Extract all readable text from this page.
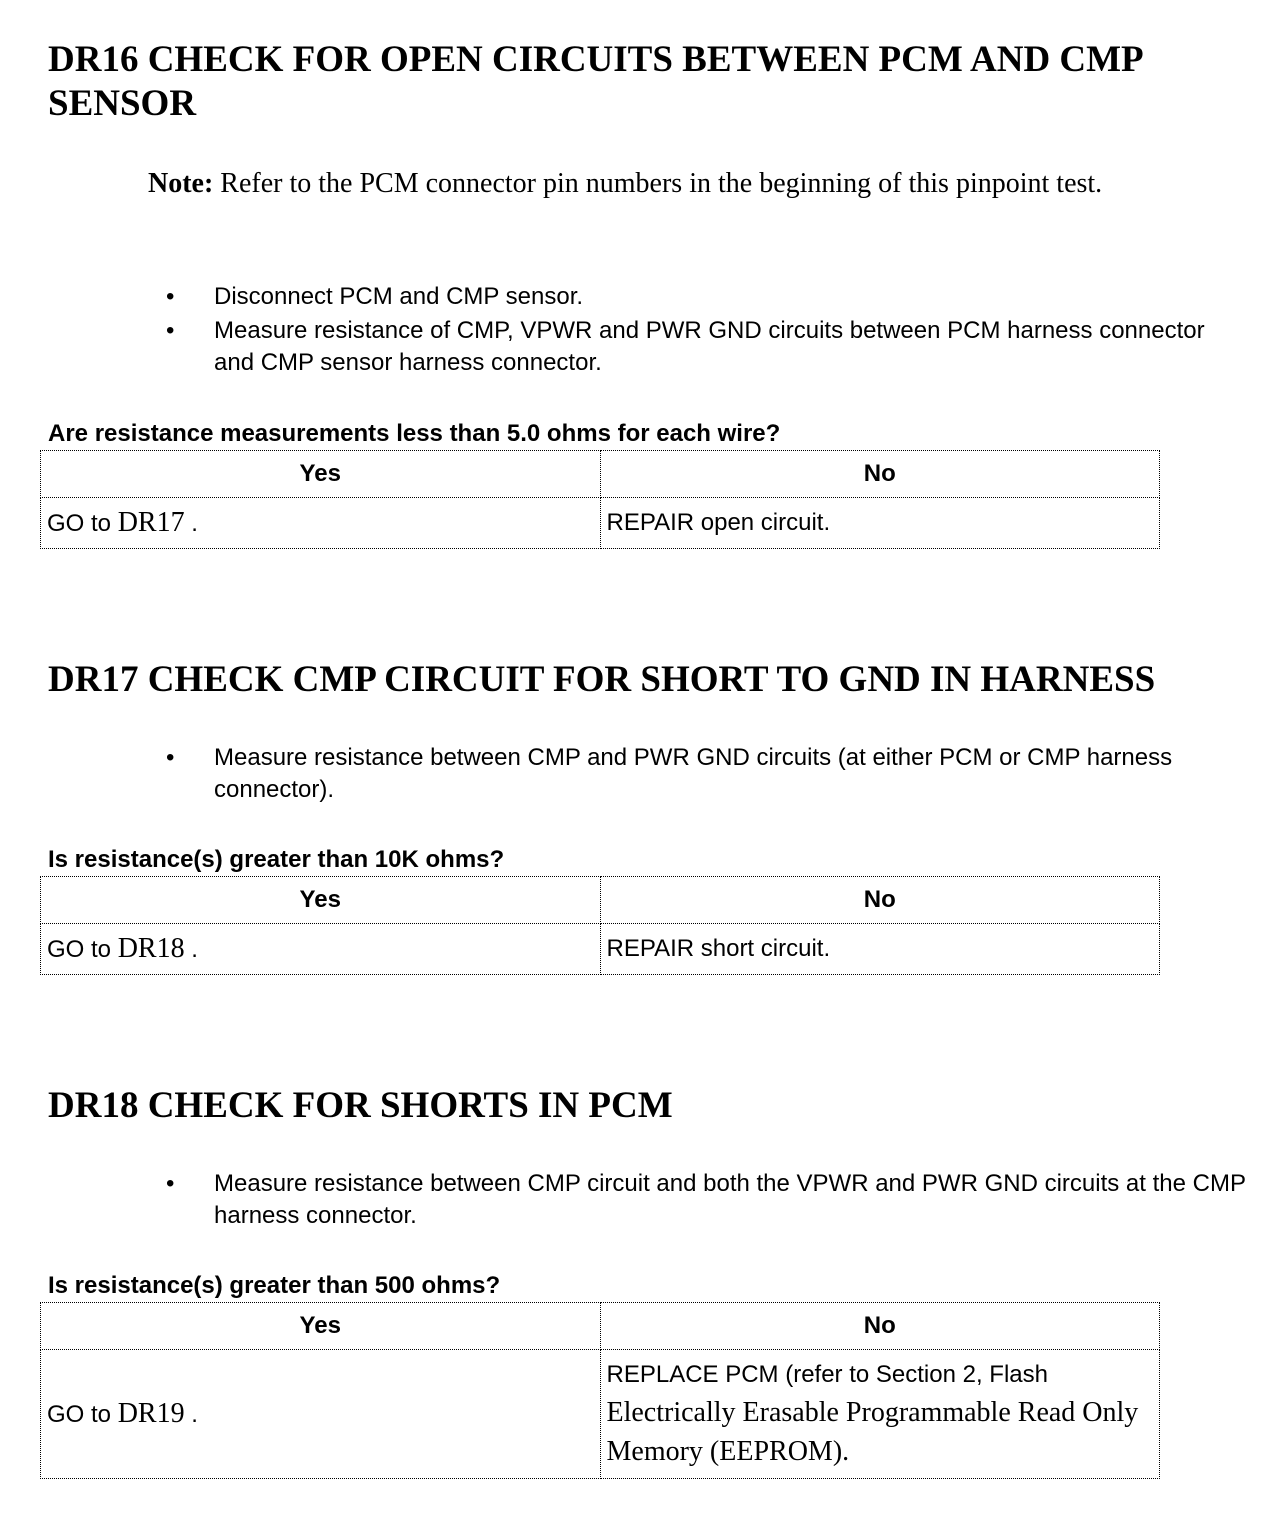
DR16 CHECK FOR OPEN CIRCUITS BETWEEN PCM AND CMP SENSOR
Note: Refer to the PCM connector pin numbers in the beginning of this pinpoint test.
• Disconnect PCM and CMP sensor.
• Measure resistance of CMP, VPWR and PWR GND circuits between PCM harness connector and CMP sensor harness connector.
Are resistance measurements less than 5.0 ohms for each wire?
Yes	No
GO to DR17 .	REPAIR open circuit.
DR17 CHECK CMP CIRCUIT FOR SHORT TO GND IN HARNESS
• Measure resistance between CMP and PWR GND circuits (at either PCM or CMP harness connector).
Is resistance(s) greater than 10K ohms?
Yes	No
GO to DR18 .	REPAIR short circuit.
DR18 CHECK FOR SHORTS IN PCM
• Measure resistance between CMP circuit and both the VPWR and PWR GND circuits at the CMP harness connector.
Is resistance(s) greater than 500 ohms?
Yes	No
GO to DR19 .	REPLACE PCM (refer to Section 2, Flash
Electrically Erasable Programmable Read Only Memory (EEPROM).
